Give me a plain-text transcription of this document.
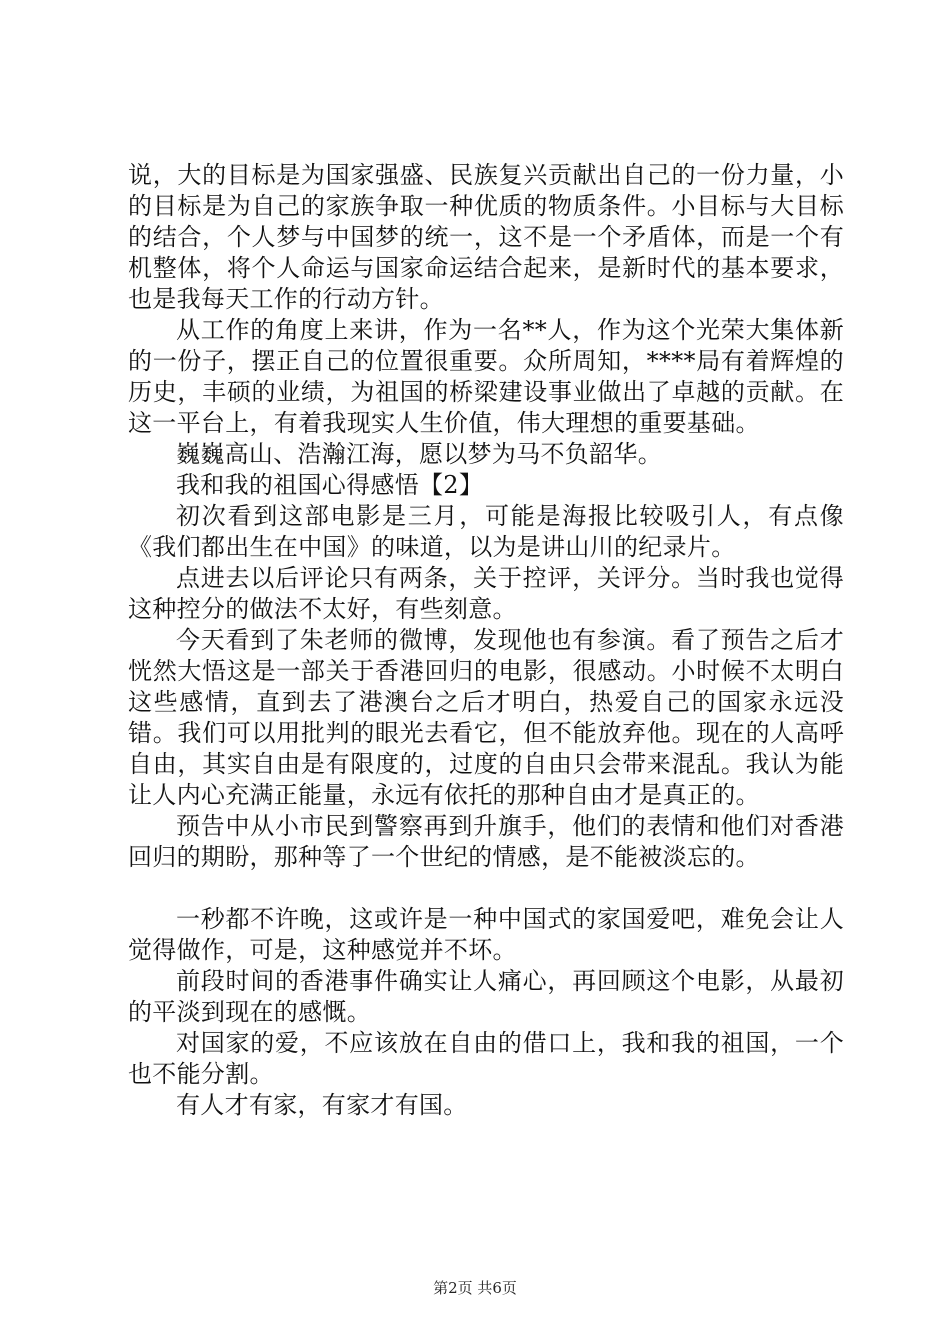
说，大的目标是为国家强盛、民族复兴贡献出自己的一份力量，小的目标是为自己的家族争取一种优质的物质条件。小目标与大目标的结合，个人梦与中国梦的统一，这不是一个矛盾体，而是一个有机整体，将个人命运与国家命运结合起来，是新时代的基本要求，也是我每天工作的行动方针。

从工作的角度上来讲，作为一名**人，作为这个光荣大集体新的一份子，摆正自己的位置很重要。众所周知，****局有着辉煌的历史，丰硕的业绩，为祖国的桥梁建设事业做出了卓越的贡献。在这一平台上，有着我现实人生价值，伟大理想的重要基础。

巍巍高山、浩瀚江海，愿以梦为马不负韶华。

我和我的祖国心得感悟【2】

初次看到这部电影是三月，可能是海报比较吸引人，有点像《我们都出生在中国》的味道，以为是讲山川的纪录片。

点进去以后评论只有两条，关于控评，关评分。当时我也觉得这种控分的做法不太好，有些刻意。

今天看到了朱老师的微博，发现他也有参演。看了预告之后才恍然大悟这是一部关于香港回归的电影，很感动。小时候不太明白这些感情，直到去了港澳台之后才明白，热爱自己的国家永远没错。我们可以用批判的眼光去看它，但不能放弃他。现在的人高呼自由，其实自由是有限度的，过度的自由只会带来混乱。我认为能让人内心充满正能量，永远有依托的那种自由才是真正的。

预告中从小市民到警察再到升旗手，他们的表情和他们对香港回归的期盼，那种等了一个世纪的情感，是不能被淡忘的。

一秒都不许晚，这或许是一种中国式的家国爱吧，难免会让人觉得做作，可是，这种感觉并不坏。

前段时间的香港事件确实让人痛心，再回顾这个电影，从最初的平淡到现在的感慨。

对国家的爱，不应该放在自由的借口上，我和我的祖国，一个也不能分割。

有人才有家，有家才有国。

第2页 共6页
